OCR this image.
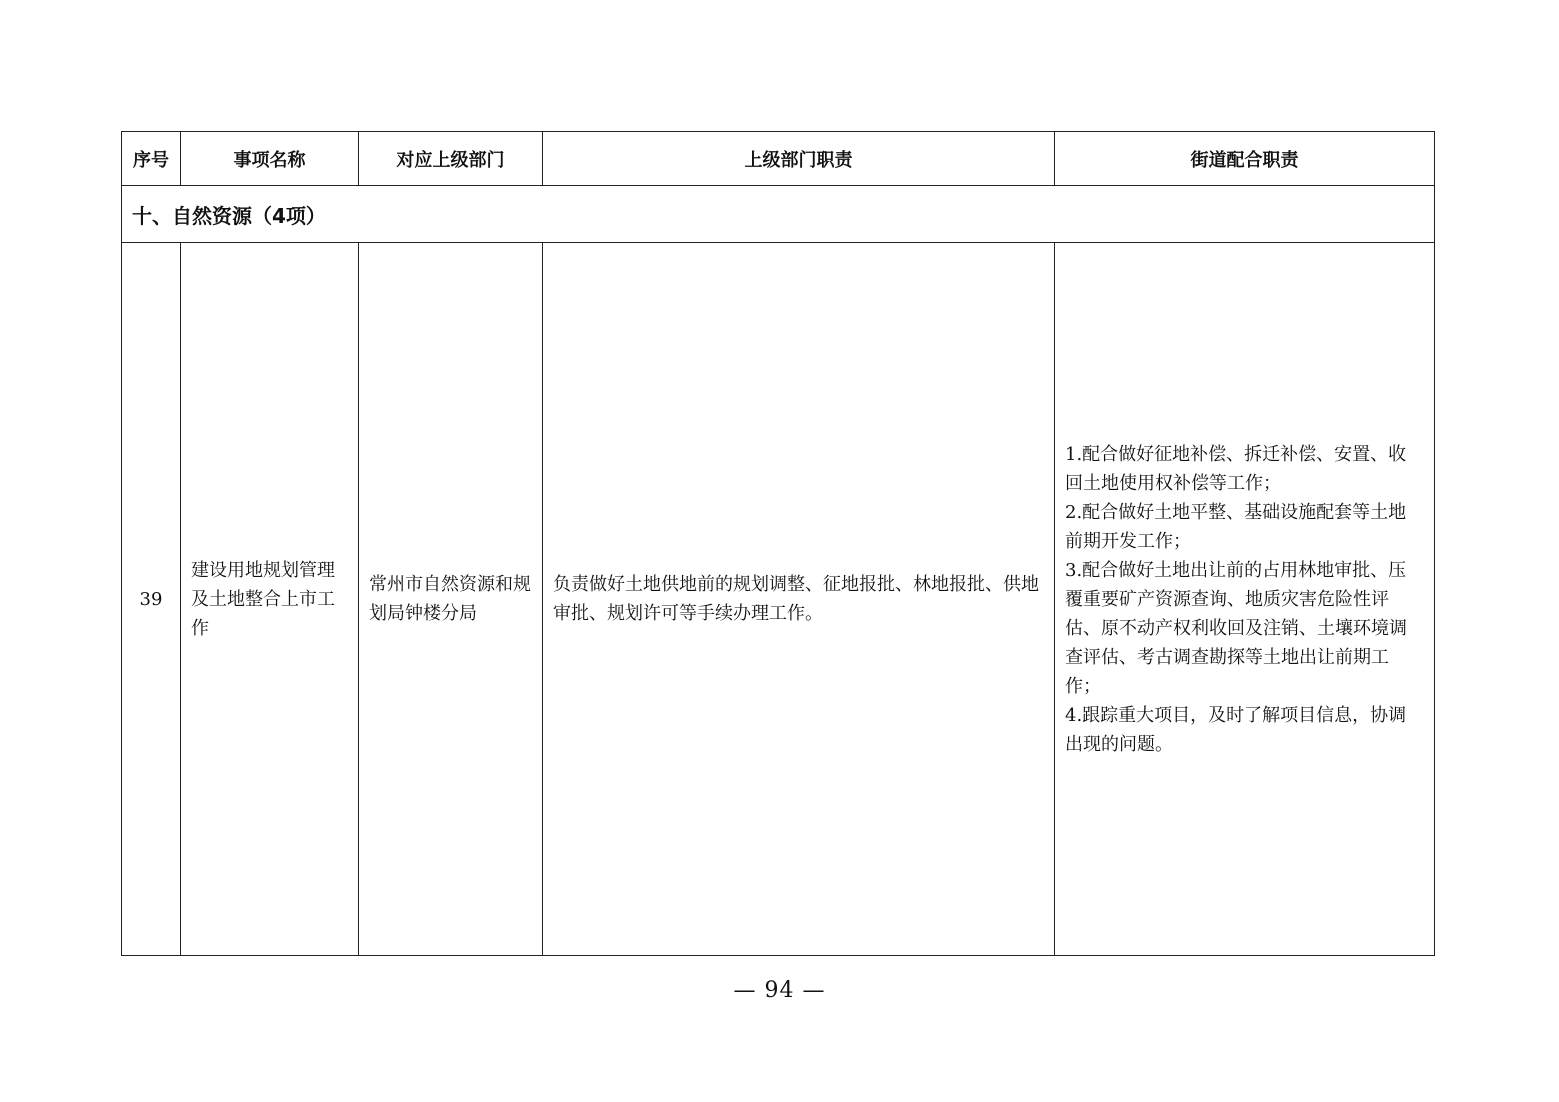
序号	事项名称	对应上级部门	上级部门职责	街道配合职责
十、自然资源（4项）				
39	建设用地规划管理及土地整合上市工作	常州市自然资源和规划局钟楼分局	负责做好土地供地前的规划调整、征地报批、林地报批、供地审批、规划许可等手续办理工作。	1.配合做好征地补偿、拆迁补偿、安置、收回土地使用权补偿等工作；
2.配合做好土地平整、基础设施配套等土地前期开发工作；
3.配合做好土地出让前的占用林地审批、压覆重要矿产资源查询、地质灾害危险性评估、原不动产权利收回及注销、土壤环境调查评估、考古调查勘探等土地出让前期工作；
4.跟踪重大项目，及时了解项目信息，协调出现的问题。
— 94 —
